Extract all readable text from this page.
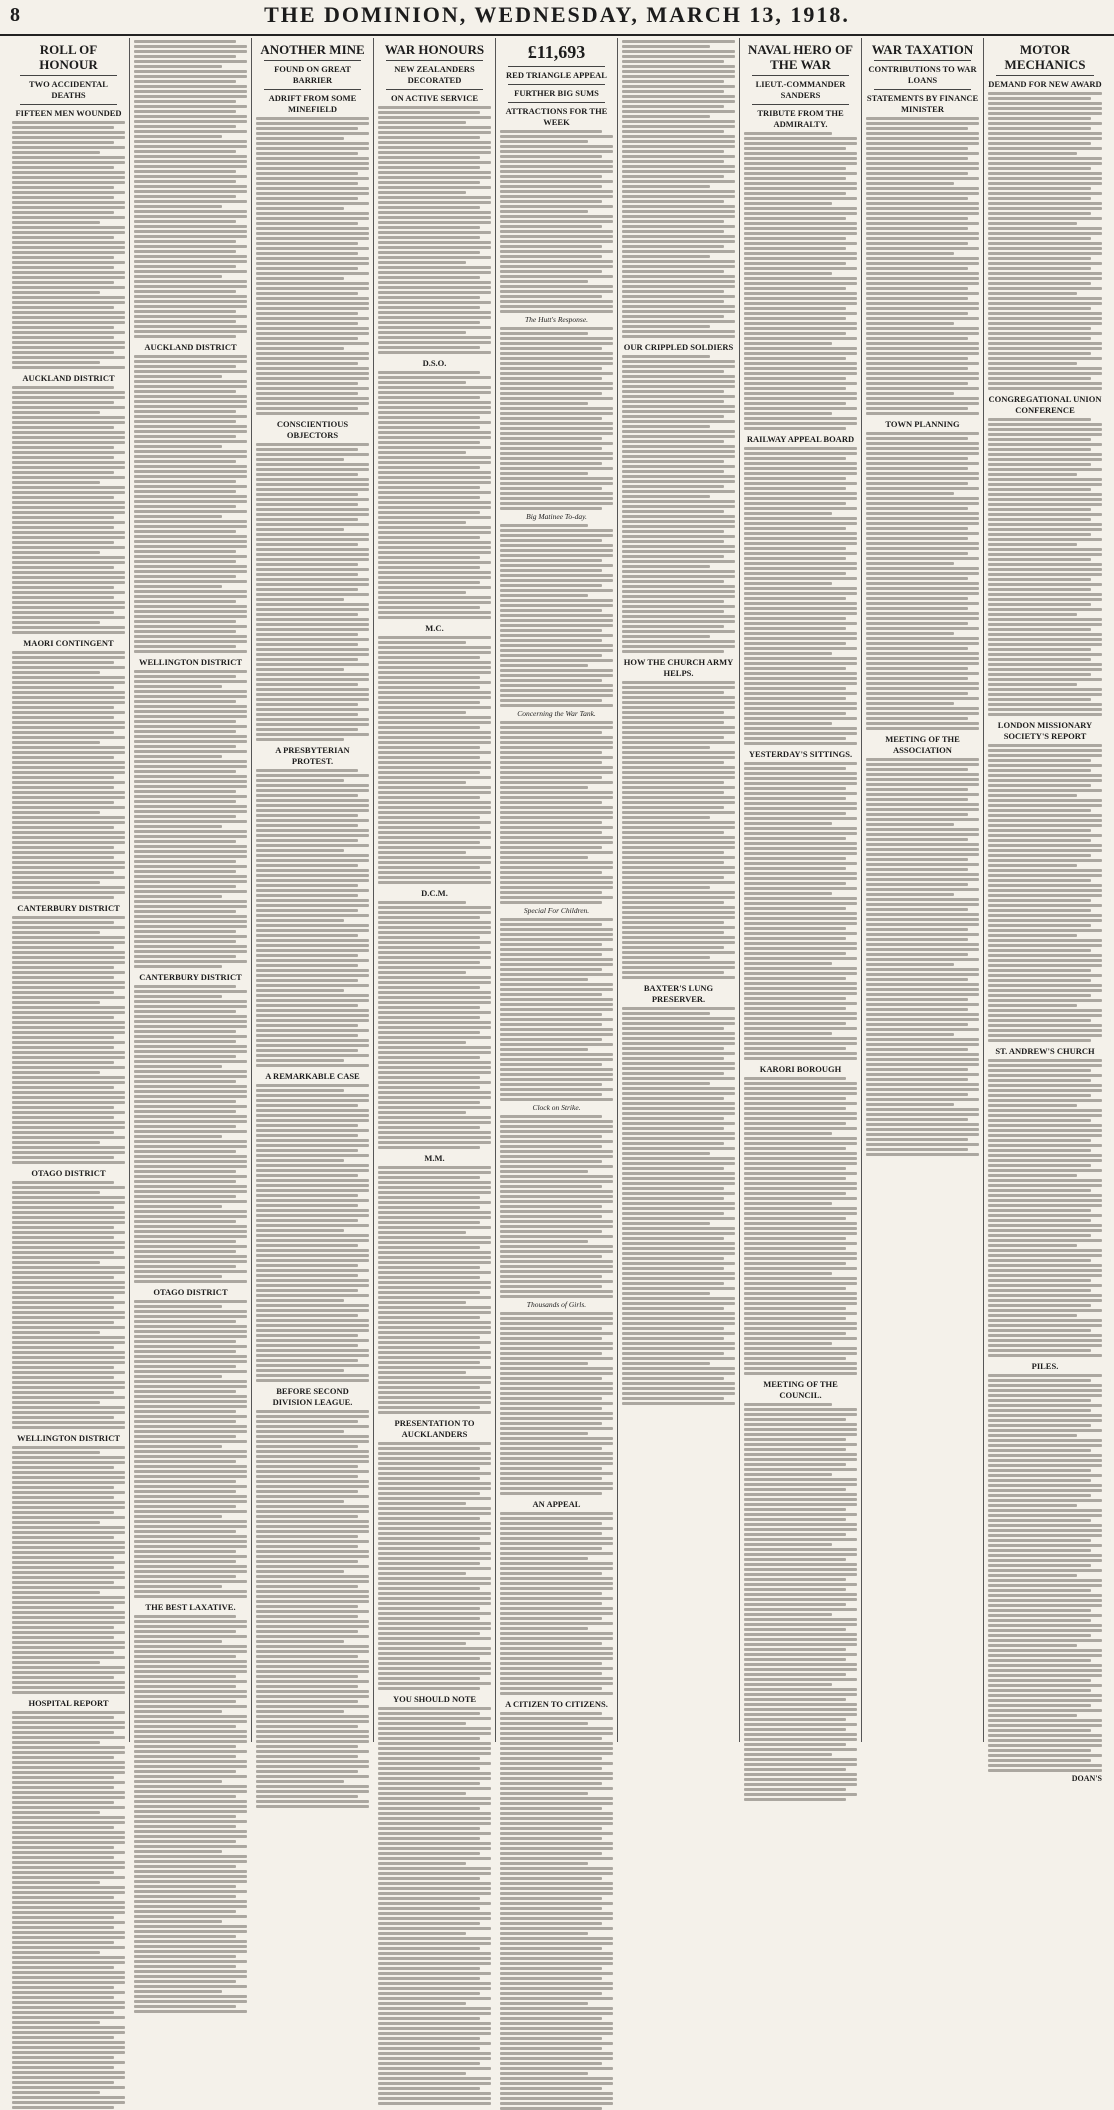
8	THE DOMINION, WEDNESDAY, MARCH 13, 1918.
ROLL OF HONOUR
TWO ACCIDENTAL DEATHS
FIFTEEN MEN WOUNDED
AUCKLAND DISTRICT
MAORI CONTINGENT
CANTERBURY DISTRICT
OTAGO DISTRICT
WELLINGTON DISTRICT
HOSPITAL REPORT
AUCKLAND DISTRICT
WELLINGTON DISTRICT
CANTERBURY DISTRICT
OTAGO DISTRICT
THE BEST LAXATIVE.
ANOTHER MINE
FOUND ON GREAT BARRIER
ADRIFT FROM SOME MINEFIELD
CONSCIENTIOUS OBJECTORS
A PRESBYTERIAN PROTEST.
A REMARKABLE CASE
BEFORE SECOND DIVISION LEAGUE.
WAR HONOURS
NEW ZEALANDERS DECORATED
ON ACTIVE SERVICE
D.S.O.
M.C.
D.C.M.
M.M.
PRESENTATION TO AUCKLANDERS
YOU SHOULD NOTE
£11,693
RED TRIANGLE APPEAL
FURTHER BIG SUMS
ATTRACTIONS FOR THE WEEK
The Hutt's Response.
Big Matinee To-day.
Concerning the War Tank.
Special For Children.
Clock on Strike.
Thousands of Girls.
AN APPEAL
A CITIZEN TO CITIZENS.
OUR CRIPPLED SOLDIERS
HOW THE CHURCH ARMY HELPS.
BAXTER'S LUNG PRESERVER.
NAVAL HERO OF THE WAR
LIEUT.-COMMANDER SANDERS
TRIBUTE FROM THE ADMIRALTY.
RAILWAY APPEAL BOARD
YESTERDAY'S SITTINGS.
KARORI BOROUGH
MEETING OF THE COUNCIL.
WAR TAXATION
CONTRIBUTIONS TO WAR LOANS
STATEMENTS BY FINANCE MINISTER
TOWN PLANNING
MEETING OF THE ASSOCIATION
MOTOR MECHANICS
DEMAND FOR NEW AWARD
CONGREGATIONAL UNION CONFERENCE
LONDON MISSIONARY SOCIETY'S REPORT
ST. ANDREW'S CHURCH
PILES.
DOAN'S
